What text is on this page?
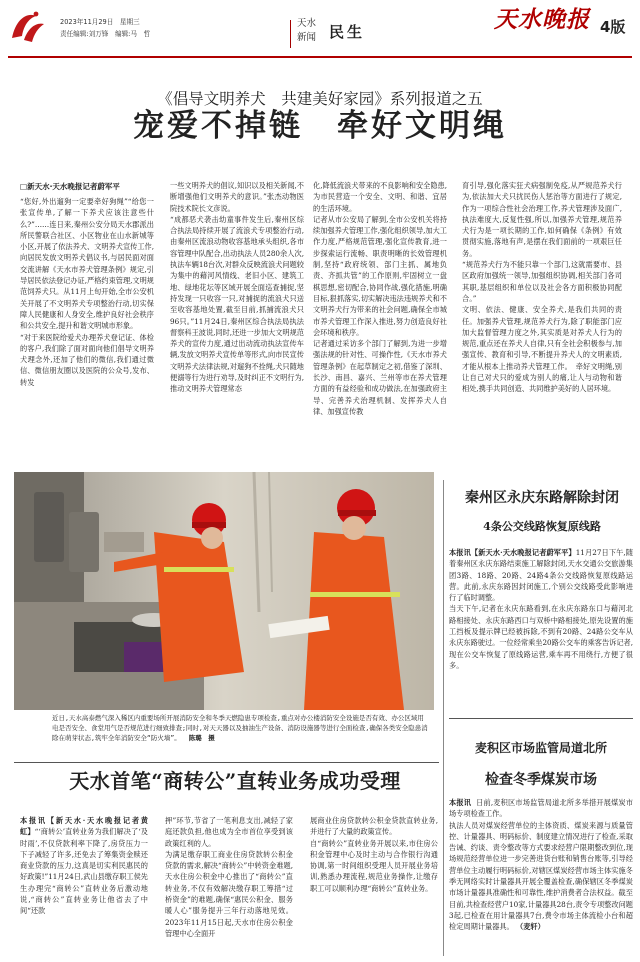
2023年11月29日　星期三
责任编辑:刘万锋　编辑:马　哲
天水
新闻 民生	天水晚报 4版
《倡导文明养犬　共建美好家园》系列报道之五
宠爱不掉链　牵好文明绳
□新天水·天水晚报记者蔚军平
“您好,外出遛狗一定要牵好狗绳”“给您一张宣传单,了解一下养犬应该注意些什么?”……连日来,秦州公安分局天水郡派出所民警联合社区、小区物业在山水新城等小区,开展了依法养犬、文明养犬宣传工作,向居民发放文明养犬倡议书,与居民面对面交流讲解《天水市养犬管理条例》规定,引导居民依法登记办证,严格约束管理,文明规范饲养犬只。从11月上旬开始,全市公安机关开展了不文明养犬专项整治行动,切实保障人民健康和人身安全,维护良好社会秩序和公共安全,提升和谐文明城市形象。
“对于来医院给爱犬办理养犬登记证、体检的客户,我们除了面对面向他们倡导文明养犬理念外,还加了他们的微信,我们通过微信、微信朋友圈以及医院的公众号,发布、转发
一些文明养犬的倡议,知识以及相关新闻,不断增强他们文明养犬的意识。”张杰动物医院技术院长文彦说。
“成都恶犬袭击幼童事件发生后,秦州区综合执法局持续开展了流浪犬专项整治行动,由秦州区流浪动物收容基地承头组织,各市容管理中队配合,出动执法人员280余人次,执法车辆18台次,对群众反映流浪犬问题较为集中的藉河风情线、老旧小区、建筑工地、绿地花坛等区域开展全面巡查捕捉,坚持发现一只收容一只,对捕捉的流浪犬只送至收容基地处置,截至目前,抓捕流浪犬只96只。”11月24日,秦州区综合执法局执法督察科王波说,同时,还进一步加大文明规范养犬的宣传力度,通过出动流动执法宣传车辆,发放文明养犬宣传单等形式,向市民宣传文明养犬法律法规,对遛狗不拴绳,犬只随地便溺等行为进行劝导,及时纠正不文明行为,推动文明养犬管理常态
化,降低流浪犬带来的不良影响和安全隐患,为市民营造一个安全、文明、和谐、宜居的生活环境。
记者从市公安局了解到,全市公安机关将持续加强养犬管理工作,强化组织领导,加大工作力度,严格规范管理,强化宣传教育,进一步探索运行流畅、职责明晰的长效管理机制,坚持“政府统领、部门主抓、属地负责、齐抓共管”的工作原则,牢固树立一盘棋思想,密切配合,协同作战,强化措施,明确目标,狠抓落实,切实解决违法违规养犬和不文明养犬行为带来的社会问题,确保全市城市养犬管理工作深入推进,努力创造良好社会环境和秩序。
记者通过采访多个部门了解到,为进一步增强法规的针对性、可操作性,《天水市养犬管理条例》在起草制定之初,借鉴了深圳、长沙、南昌、嘉兴、兰州等市在养犬管理方面的有益经验和成功做法,在加强政府主导、完善养犬治理机制、发挥养犬人自律、加强宣传教
育引导,强化落实狂犬病强制免疫,从严规范养犬行为,依法加大犬只扰民伤人惩治等方面进行了规定,作为一项综合性社会治理工作,养犬管理涉及面广,执法难度大,反复性强,所以,加强养犬管理,规范养犬行为是一项长期的工作,如何确保《条例》有效贯彻实施,落地有声,是摆在我们面前的一项艰巨任务。
“规范养犬行为不能只靠一个部门,这就需要市、县区政府加强统一领导,加强组织协调,相关部门各司其职,基层组织和单位以及社会各方面积极协同配合。”
文明、依法、健康、安全养犬,是我们共同的责任。加强养犬管理,规范养犬行为,除了职能部门应加大监督管理力度之外,其实质是对养犬人行为的规范,重点还在养犬人自律,只有全社会积极参与,加强宣传、教育和引导,不断提升养犬人的文明素质,才能从根本上推动养犬管理工作。　牵好文明绳,别让自己对犬只的爱成为别人的痛,让人与动物和谐相处,携手共同创造、共同维护美好的人居环境。
近日,天水高泰燃气深入稀区内重要场所开展消防安全和冬季天燃隐患专项检查,重点对办公楼消防安全设施是否有效、办公区域用电是否安全、食堂用气是否规范进行细致排查;同时,对天天器以及抽油生产设备、消防设施器等进行全面检查,确保各类安全隐患消除在萌芽状态,筑牢全年消防安全“防火墙”。 陈璐　摄
秦州区永庆东路解除封闭
4条公交线路恢复原线路
本报讯【新天水·天水晚报记者蔚军平】11月27日下午,随着秦州区永庆东路结束施工解除封闭,天水交通公交旅游集团3路、18路、20路、24路4条公交线路恢复原线路运营。此前,永庆东路因封闭施工,个别公交线路受此影响进行了临时调整。
当天下午,记者在永庆东路看到,在永庆东路东口与藉河北路相接处、永庆东路西口与双桥中路相接处,原先设置的施工挡板及提示牌已经被拆除,不到有20路、24路公交车从永庆东路驶过。一位经常乘坐20路公交车的乘客告诉记者,现在公交车恢复了原线路运营,乘车再不用绕行,方便了很多。
麦积区市场监管局道北所
检查冬季煤炭市场
本报讯 日前,麦积区市场监管局道北所多举措开展煤炭市场专项检查工作。
执法人员对煤炭经营单位的主体资质、煤炭来源与质量管控、计量器具、明码标价、制度建立情况进行了检查,采取告诫、约谈、责令整改等方式要求经营户限期整改到位,现场规范经营单位进一步完善进货台账和销售台账等,引导经营单位主动履行明码标价,对辖区煤炭经营市场主体实施冬季无网络实时计量器具开展全覆盖检查,确保辖区冬季煤炭市场计量器具准确性和可靠性,维护消费者合法权益。截至目前,共检查经营户10家,计量器具28台,责令专项整改问题3起,已检查在用计量器具7台,费令市场主体流检小台和超检定周期计量器具。 （麦轩）
天水首笔“商转公”直转业务成功受理
本报讯【新天水·天水晚报记者黄虹】“‘商转公’直转业务为我们解决了‘及时雨’,不仅贷款利率下降了,房贷压力一下子减轻了许多,还免去了筹集资金赎还商业贷款的压力,这真是切实利民惠民的好政策!”11月24日,武山县缴存职工侯先生办理完“商转公”直转业务后激动地说,“商转公”直转业务让他省去了中间“还款
押”环节,节省了一笔利息支出,减轻了家庭还款负担,他也成为全市首位享受到该政策红利的人。
为满足缴存职工商业住房贷款转公积金贷款的需求,解决“商转公”中转资金难题,天水住房公积金中心推出了“商转公”直转业务,不仅有效解决缴存职工筹措“过桥资金”的难题,确保“惠民公积金、服务暖人心”服务提升三年行动落地见效。2023年11月15日起,天水市住房公积金管理中心全面开
展商业住房贷款转公积金贷款直转业务,并进行了大量的政策宣传。
自“商转公”直转业务开展以来,市住房公积金管理中心及时主动与合作银行沟通协调,第一时间组织受理人员开展业务培训,熟悉办理流程,规范业务操作,让缴存职工可以顺利办理“商转公”直转业务。
